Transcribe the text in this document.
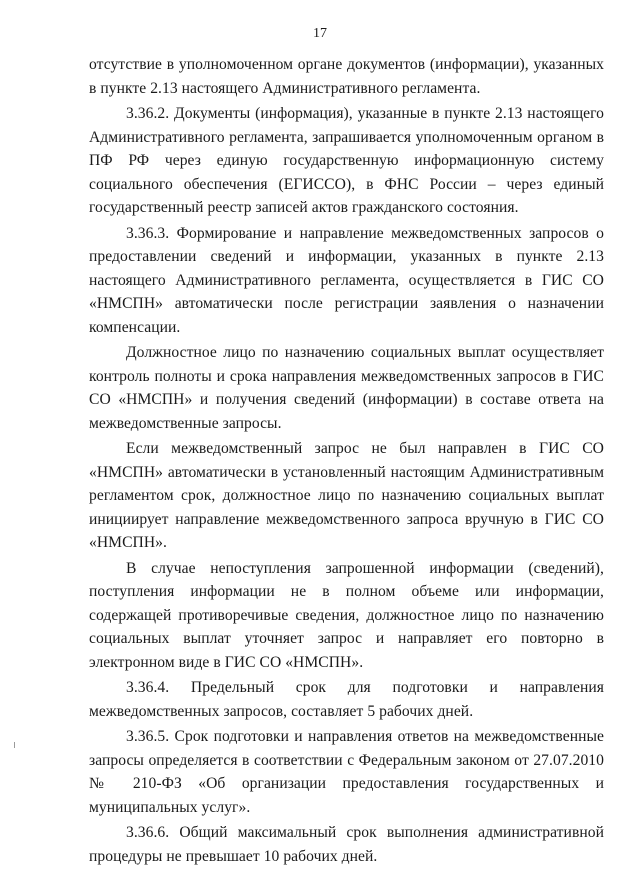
17

отсутствие в уполномоченном органе документов (информации), указанных в пункте 2.13 настоящего Административного регламента.

3.36.2. Документы (информация), указанные в пункте 2.13 настоящего Административного регламента, запрашивается уполномоченным органом в ПФ РФ через единую государственную информационную систему социального обеспечения (ЕГИССО), в ФНС России – через единый государственный реестр записей актов гражданского состояния.

3.36.3. Формирование и направление межведомственных запросов о предоставлении сведений и информации, указанных в пункте 2.13 настоящего Административного регламента, осуществляется в ГИС СО «НМСПН» автоматически после регистрации заявления о назначении компенсации.

Должностное лицо по назначению социальных выплат осуществляет контроль полноты и срока направления межведомственных запросов в ГИС СО «НМСПН» и получения сведений (информации) в составе ответа на межведомственные запросы.

Если межведомственный запрос не был направлен в ГИС СО «НМСПН» автоматически в установленный настоящим Административным регламентом срок, должностное лицо по назначению социальных выплат инициирует направление межведомственного запроса вручную в ГИС СО «НМСПН».

В случае непоступления запрошенной информации (сведений), поступления информации не в полном объеме или информации, содержащей противоречивые сведения, должностное лицо по назначению социальных выплат уточняет запрос и направляет его повторно в электронном виде в ГИС СО «НМСПН».

3.36.4. Предельный срок для подготовки и направления межведомственных запросов, составляет 5 рабочих дней.

3.36.5. Срок подготовки и направления ответов на межведомственные запросы определяется в соответствии с Федеральным законом от 27.07.2010 № 210-ФЗ «Об организации предоставления государственных и муниципальных услуг».

3.36.6. Общий максимальный срок выполнения административной процедуры не превышает 10 рабочих дней.
